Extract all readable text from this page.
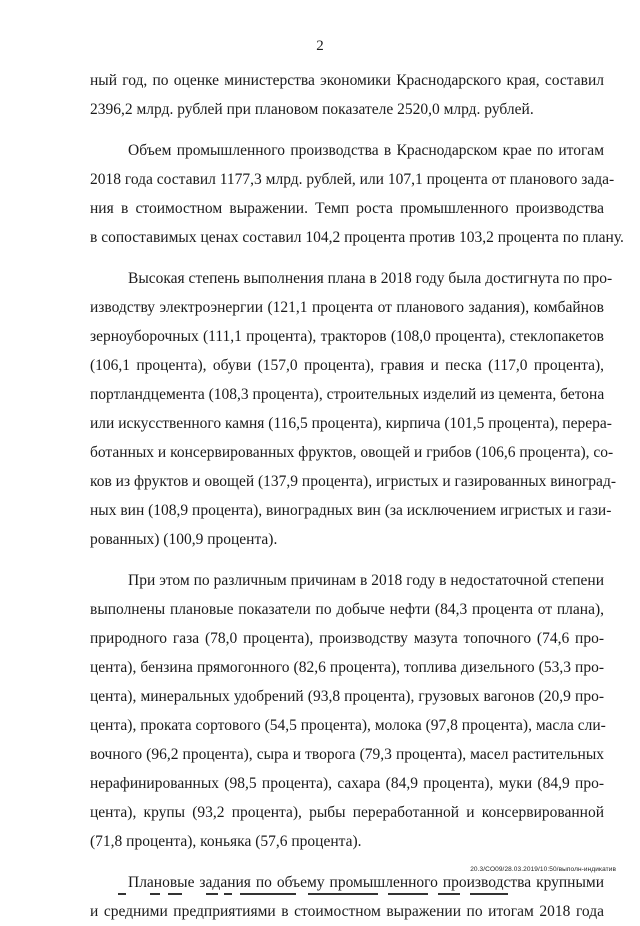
2
ный год, по оценке министерства экономики Краснодарского края, составил
2396,2 млрд. рублей при плановом показателе 2520,0 млрд. рублей.
Объем промышленного производства в Краснодарском крае по итогам
2018 года составил 1177,3 млрд. рублей, или 107,1 процента от планового зада-
ния в стоимостном выражении. Темп роста промышленного производства
в сопоставимых ценах составил 104,2 процента против 103,2 процента по плану.
Высокая степень выполнения плана в 2018 году была достигнута по про-
изводству электроэнергии (121,1 процента от планового задания), комбайнов
зерноуборочных (111,1 процента), тракторов (108,0 процента), стеклопакетов
(106,1 процента), обуви (157,0 процента), гравия и песка (117,0 процента),
портландцемента (108,3 процента), строительных изделий из цемента, бетона
или искусственного камня (116,5 процента), кирпича (101,5 процента), перера-
ботанных и консервированных фруктов, овощей и грибов (106,6 процента), со-
ков из фруктов и овощей (137,9 процента), игристых и газированных виноград-
ных вин (108,9 процента), виноградных вин (за исключением игристых и гази-
рованных) (100,9 процента).
При этом по различным причинам в 2018 году в недостаточной степени
выполнены плановые показатели по добыче нефти (84,3 процента от плана),
природного газа (78,0 процента), производству мазута топочного (74,6 про-
цента), бензина прямогонного (82,6 процента), топлива дизельного (53,3 про-
цента), минеральных удобрений (93,8 процента), грузовых вагонов (20,9 про-
цента), проката сортового (54,5 процента), молока (97,8 процента), масла сли-
вочного (96,2 процента), сыра и творога (79,3 процента), масел растительных
нерафинированных (98,5 процента), сахара (84,9 процента), муки (84,9 про-
цента), крупы (93,2 процента), рыбы переработанной и консервированной
(71,8 процента), коньяка (57,6 процента).
Плановые задания по объему промышленного производства крупными
и средними предприятиями в стоимостном выражении по итогам 2018 года
20.3/CO09/28.03.2019/10:50/выполн-индикатив
